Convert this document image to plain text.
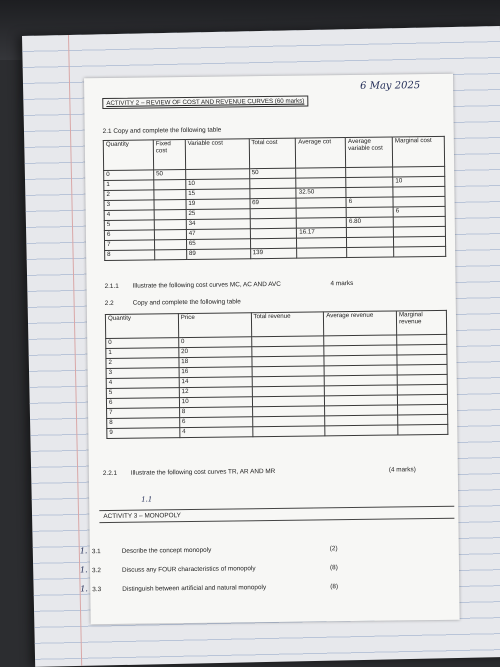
6 May 2025
ACTIVITY 2 – REVIEW OF COST AND REVENUE CURVES (60 marks)
2.1 Copy and complete the following table
Quantity	Fixed cost	Variable cost	Total cost	Average cot	Average variable cost	Marginal cost
0	50		50			
1		10				10
2		15		32.50		
3		19	69		6	
4		25				6
5		34			6.80	
6		47		16.17		
7		65				
8		89	139			
2.1.1 Illustrate the following cost curves MC, AC AND AVC	4 marks
2.2	Copy and complete the following table
Quantity	Price	Total revenue	Average revenue	Marginal revenue
0	0			
1	20			
2	18			
3	16			
4	14			
5	12			
6	10			
7	8			
8	6			
9	4			
2.2.1 Illustrate the following cost curves TR, AR AND MR	(4 marks)
1.1
ACTIVITY 3 – MONOPOLY
1. 3.1	Describe the concept monopoly	(2)
1. 3.2	Discuss any FOUR characteristics of monopoly	(8)
1. 3.3	Distinguish between artificial and natural monopoly	(8)
